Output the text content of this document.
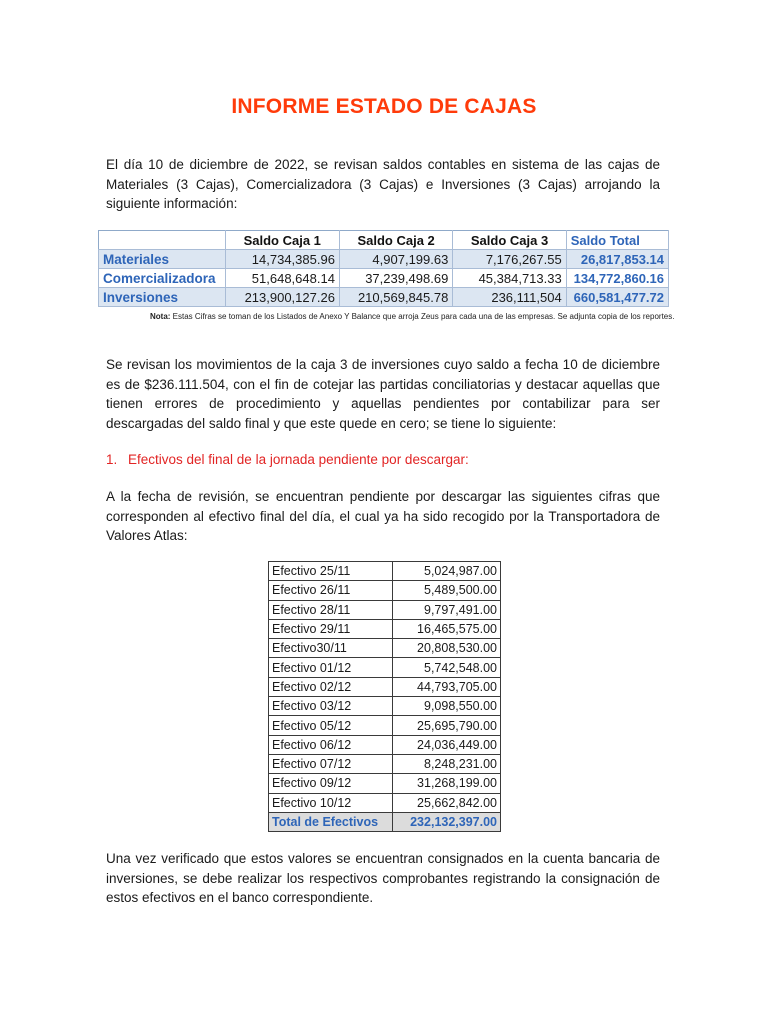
INFORME ESTADO DE CAJAS

El día 10 de diciembre de 2022, se revisan saldos contables en sistema de las cajas de Materiales (3 Cajas), Comercializadora (3 Cajas) e Inversiones (3 Cajas) arrojando la siguiente información:

	Saldo Caja 1	Saldo Caja 2	Saldo Caja 3	Saldo Total
Materiales	14,734,385.96	4,907,199.63	7,176,267.55	26,817,853.14
Comercializadora	51,648,648.14	37,239,498.69	45,384,713.33	134,772,860.16
Inversiones	213,900,127.26	210,569,845.78	236,111,504	660,581,477.72
Nota: Estas Cifras se toman de los Listados de Anexo Y Balance que arroja Zeus para cada una de las empresas. Se adjunta copia de los reportes.

Se revisan los movimientos de la caja 3 de inversiones cuyo saldo a fecha 10 de diciembre es de $236.111.504, con el fin de cotejar las partidas conciliatorias y destacar aquellas que tienen errores de procedimiento y aquellas pendientes por contabilizar para ser descargadas del saldo final y que este quede en cero; se tiene lo siguiente:

1. Efectivos del final de la jornada pendiente por descargar:

A la fecha de revisión, se encuentran pendiente por descargar las siguientes cifras que corresponden al efectivo final del día, el cual ya ha sido recogido por la Transportadora de Valores Atlas:

Efectivo 25/11	5,024,987.00
Efectivo 26/11	5,489,500.00
Efectivo 28/11	9,797,491.00
Efectivo 29/11	16,465,575.00
Efectivo30/11	20,808,530.00
Efectivo 01/12	5,742,548.00
Efectivo 02/12	44,793,705.00
Efectivo 03/12	9,098,550.00
Efectivo 05/12	25,695,790.00
Efectivo 06/12	24,036,449.00
Efectivo 07/12	8,248,231.00
Efectivo 09/12	31,268,199.00
Efectivo 10/12	25,662,842.00
Total de Efectivos	232,132,397.00

Una vez verificado que estos valores se encuentran consignados en la cuenta bancaria de inversiones, se debe realizar los respectivos comprobantes registrando la consignación de estos efectivos en el banco correspondiente.
